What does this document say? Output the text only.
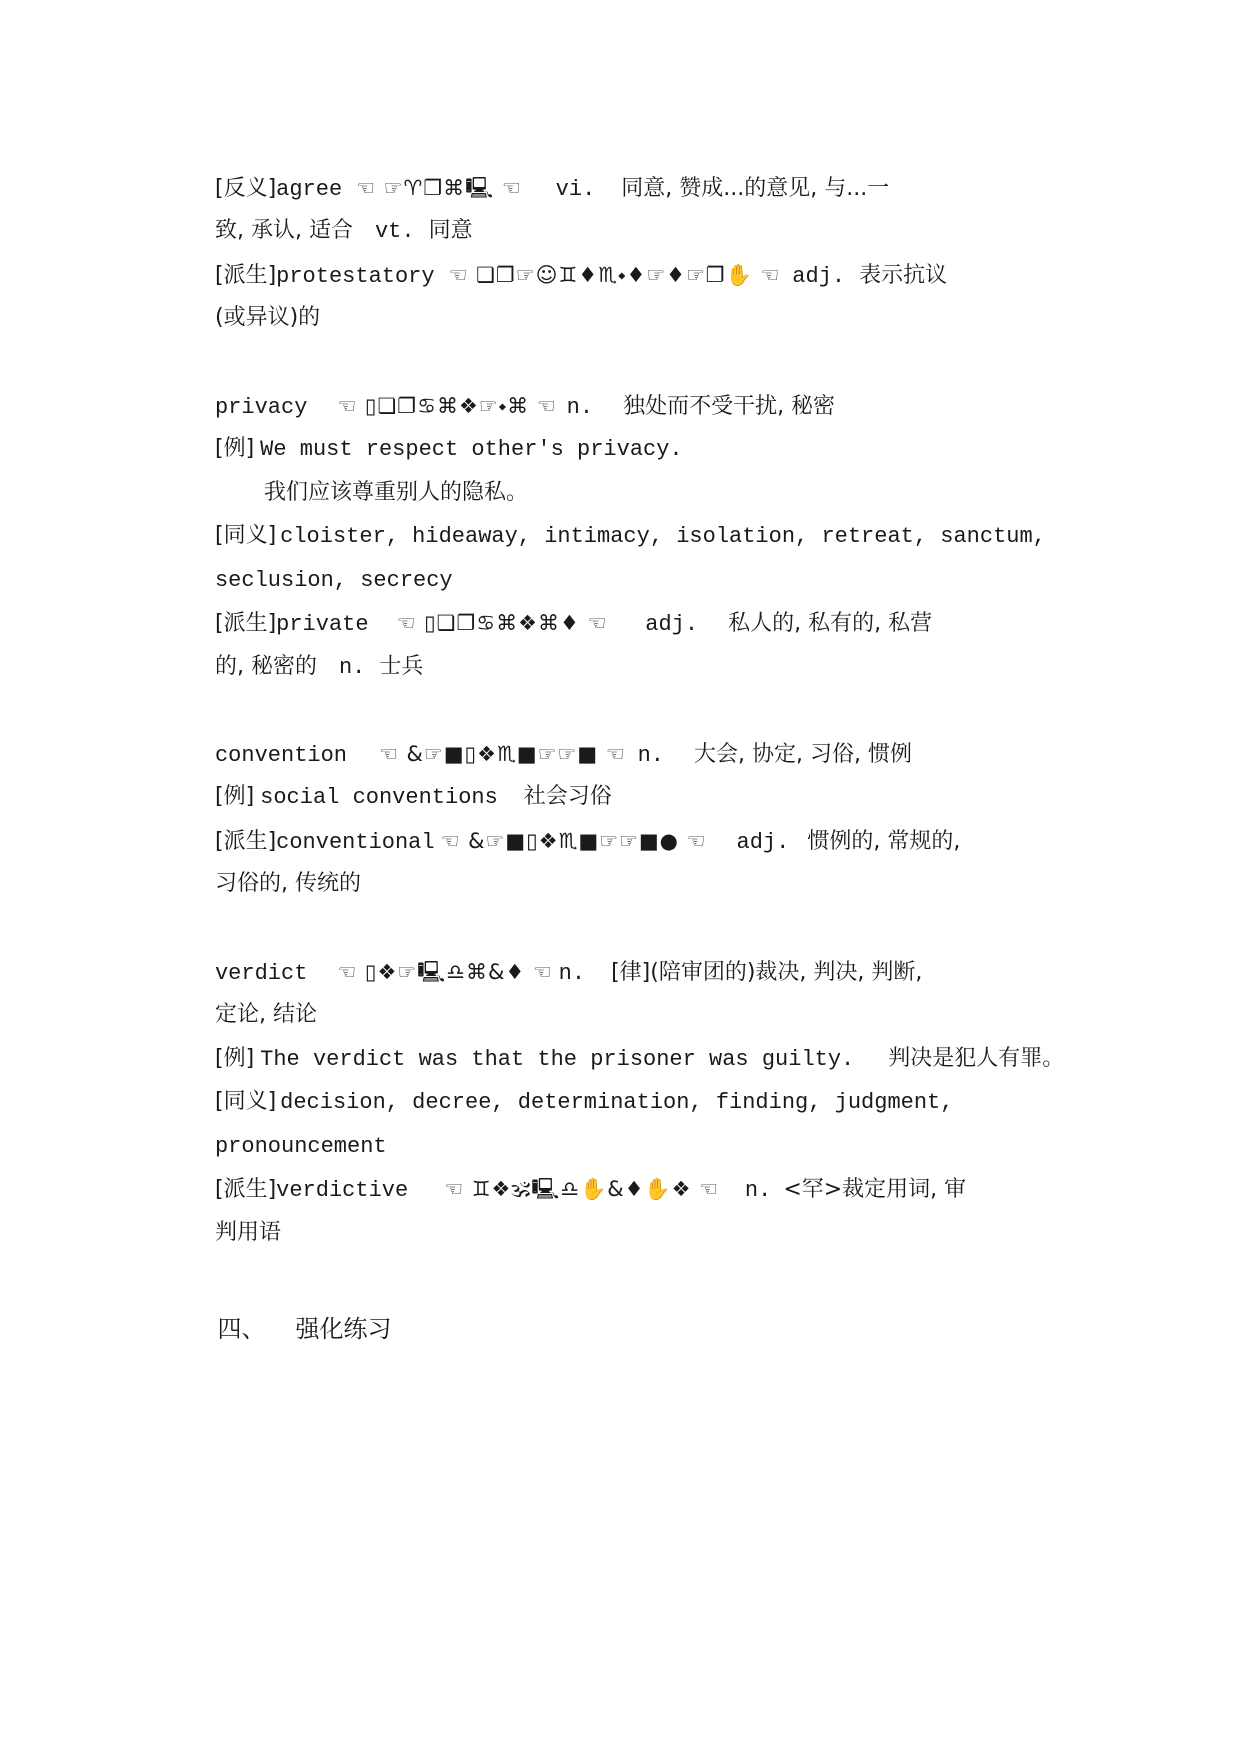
[反义]agree ☜ ☞♈❐⌘🖳 ☜ vi. 同意, 赞成...的意见, 与...一

致, 承认, 适合 vt. 同意

[派生]protestatory ☜ ❏❐☞☺♊♦♏⬩♦☞♦☞❐✋ ☜ adj. 表示抗议

(或异议)的

privacy ☜ ▯❏❐♋⌘❖☞⬩⌘ ☜ n. 独处而不受干扰, 秘密

[例] We must respect other's privacy.

我们应该尊重别人的隐私。

[同义] cloister, hideaway, intimacy, isolation, retreat, sanctum,

seclusion, secrecy

[派生]private ☜ ▯❏❐♋⌘❖⌘♦ ☜ adj. 私人的, 私有的, 私营

的, 秘密的 n. 士兵

convention ☜ &☞■▯❖♏■☞☞■ ☜ n. 大会, 协定, 习俗, 惯例

[例] social conventions 社会习俗

[派生]conventional ☜ &☞■▯❖♏■☞☞■● ☜ adj. 惯例的, 常规的,

习俗的, 传统的

verdict ☜ ▯❖☞🖳♎⌘&♦ ☜ n. [律](陪审团的)裁决, 判决, 判断,

定论, 结论

[例] The verdict was that the prisoner was guilty. 判决是犯人有罪。

[同义] decision, decree, determination, finding, judgment,

pronouncement

[派生]verdictive ☜ ♊❖🕉🖳♎✋&♦✋❖ ☜ n. <罕>裁定用词, 审

判用语

四、 强化练习
